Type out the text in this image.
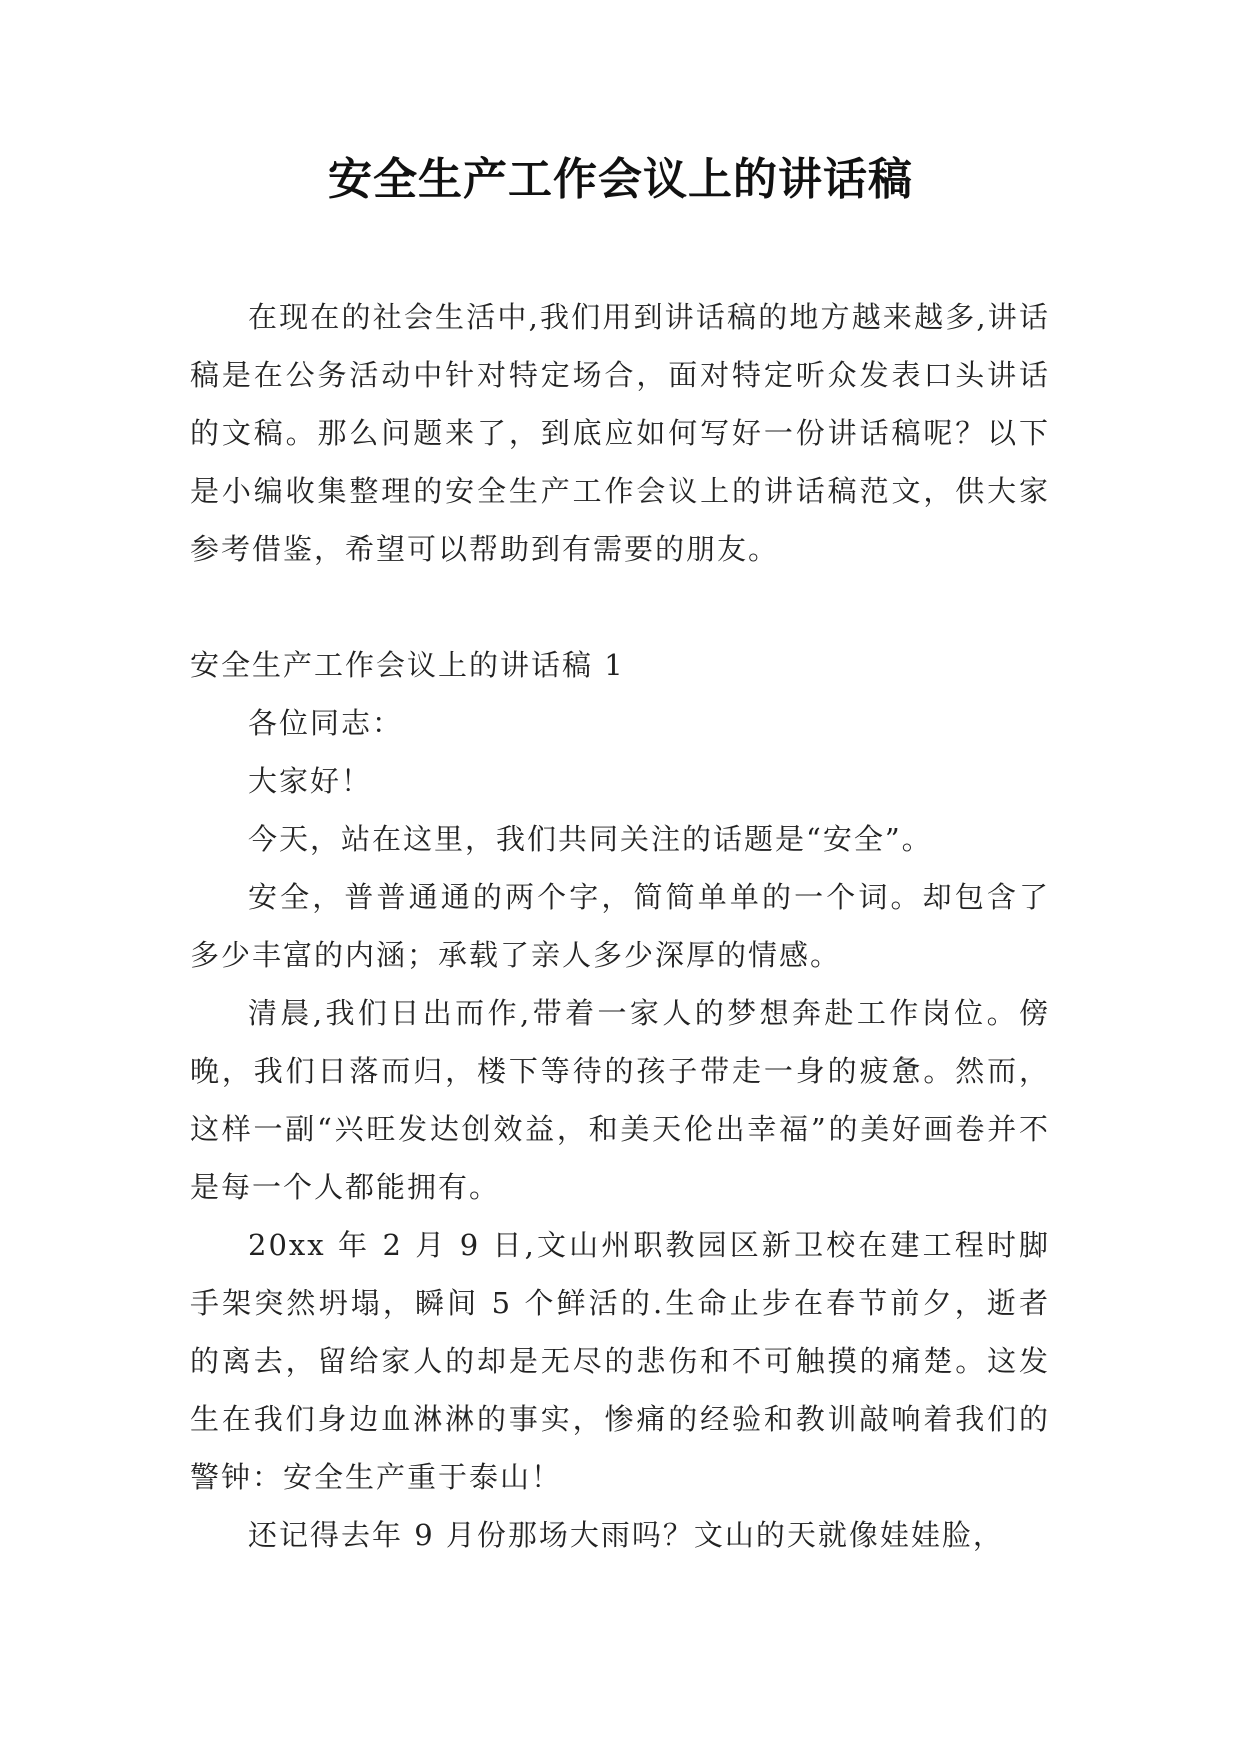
安全生产工作会议上的讲话稿

在现在的社会生活中,我们用到讲话稿的地方越来越多,讲话稿是在公务活动中针对特定场合，面对特定听众发表口头讲话的文稿。那么问题来了，到底应如何写好一份讲话稿呢？以下是小编收集整理的安全生产工作会议上的讲话稿范文，供大家参考借鉴，希望可以帮助到有需要的朋友。

安全生产工作会议上的讲话稿 1

各位同志：

大家好！

今天，站在这里，我们共同关注的话题是“安全”。

安全，普普通通的两个字，简简单单的一个词。却包含了多少丰富的内涵；承载了亲人多少深厚的情感。

清晨,我们日出而作,带着一家人的梦想奔赴工作岗位。傍晚，我们日落而归，楼下等待的孩子带走一身的疲惫。然而，这样一副“兴旺发达创效益，和美天伦出幸福”的美好画卷并不是每一个人都能拥有。

20xx 年 2 月 9 日,文山州职教园区新卫校在建工程时脚手架突然坍塌，瞬间 5 个鲜活的.生命止步在春节前夕，逝者的离去，留给家人的却是无尽的悲伤和不可触摸的痛楚。这发生在我们身边血淋淋的事实，惨痛的经验和教训敲响着我们的警钟：安全生产重于泰山！

还记得去年 9 月份那场大雨吗？文山的天就像娃娃脸，
